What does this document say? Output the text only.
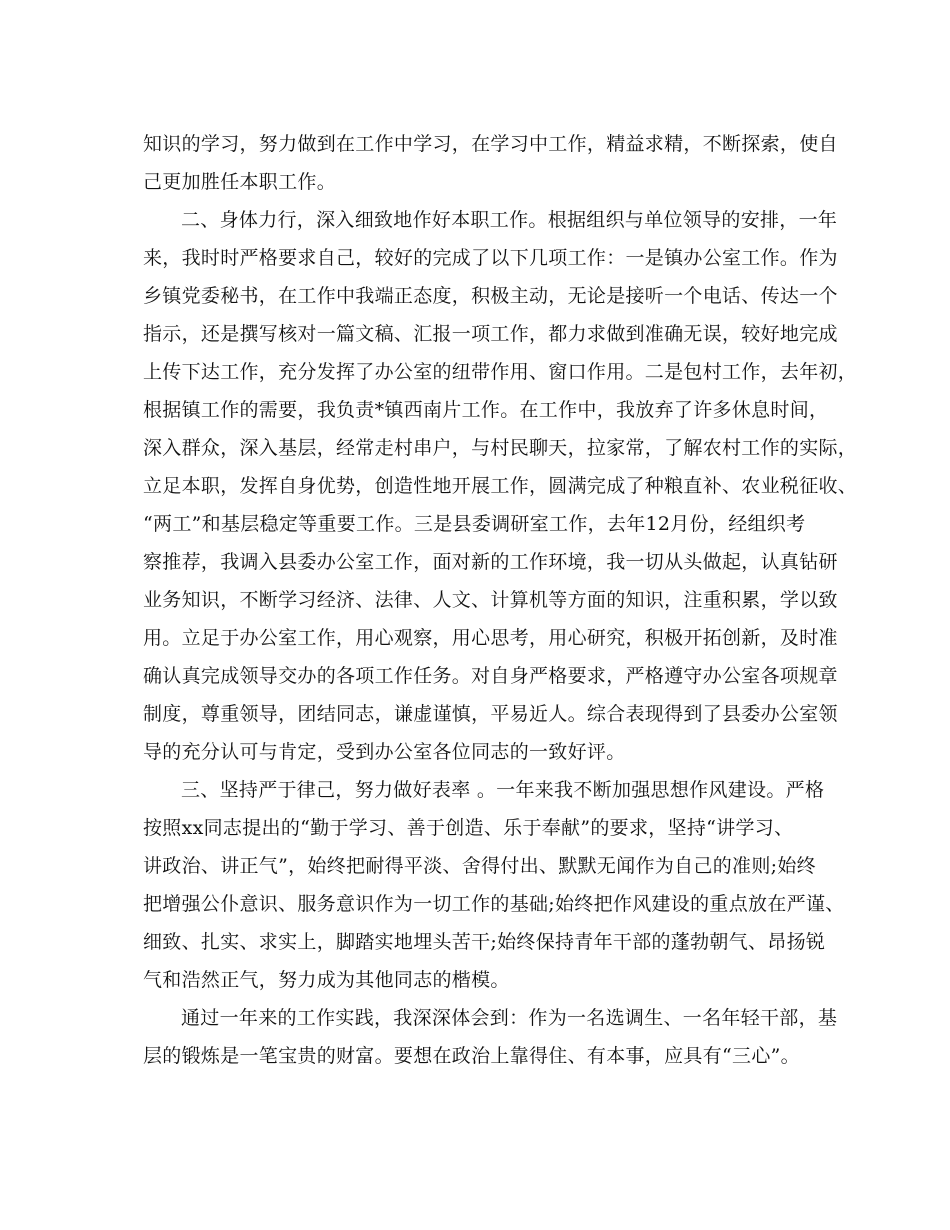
知识的学习，努力做到在工作中学习，在学习中工作，精益求精，不断探索，使自
己更加胜任本职工作。
二、身体力行，深入细致地作好本职工作。根据组织与单位领导的安排，一年
来，我时时严格要求自己，较好的完成了以下几项工作：一是镇办公室工作。作为
乡镇党委秘书，在工作中我端正态度，积极主动，无论是接听一个电话、传达一个
指示，还是撰写核对一篇文稿、汇报一项工作，都力求做到准确无误，较好地完成
上传下达工作，充分发挥了办公室的纽带作用、窗口作用。二是包村工作，去年初，
根据镇工作的需要，我负责*镇西南片工作。在工作中，我放弃了许多休息时间，
深入群众，深入基层，经常走村串户，与村民聊天，拉家常，了解农村工作的实际，
立足本职，发挥自身优势，创造性地开展工作，圆满完成了种粮直补、农业税征收、
“两工”和基层稳定等重要工作。三是县委调研室工作，去年12月份，经组织考
察推荐，我调入县委办公室工作，面对新的工作环境，我一切从头做起，认真钻研
业务知识，不断学习经济、法律、人文、计算机等方面的知识，注重积累，学以致
用。立足于办公室工作，用心观察，用心思考，用心研究，积极开拓创新，及时准
确认真完成领导交办的各项工作任务。对自身严格要求，严格遵守办公室各项规章
制度，尊重领导，团结同志，谦虚谨慎，平易近人。综合表现得到了县委办公室领
导的充分认可与肯定，受到办公室各位同志的一致好评。
三、坚持严于律己，努力做好表率 。一年来我不断加强思想作风建设。严格
按照xx同志提出的“勤于学习、善于创造、乐于奉献”的要求，坚持“讲学习、
讲政治、讲正气”，始终把耐得平淡、舍得付出、默默无闻作为自己的准则;始终
把增强公仆意识、服务意识作为一切工作的基础;始终把作风建设的重点放在严谨、
细致、扎实、求实上，脚踏实地埋头苦干;始终保持青年干部的蓬勃朝气、昂扬锐
气和浩然正气，努力成为其他同志的楷模。
通过一年来的工作实践，我深深体会到：作为一名选调生、一名年轻干部，基
层的锻炼是一笔宝贵的财富。要想在政治上靠得住、有本事，应具有“三心”。
